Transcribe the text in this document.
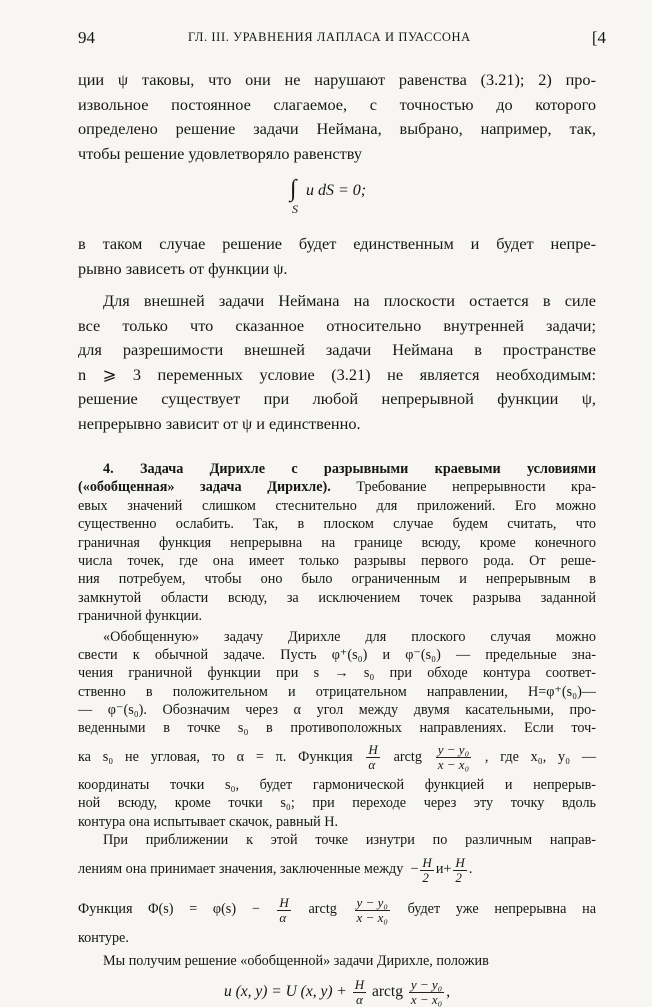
94	ГЛ. III. УРАВНЕНИЯ ЛАПЛАСА И ПУАССОНА	[4
ции ψ таковы, что они не нарушают равенства (3.21); 2) про-
извольное постоянное слагаемое, с точностью до которого
определено решение задачи Неймана, выбрано, например, так,
чтобы решение удовлетворяло равенству
∫
S
u dS = 0;
в таком случае решение будет единственным и будет непре-
рывно зависеть от функции ψ.
Для внешней задачи Неймана на плоскости остается в силе
все только что сказанное относительно внутренней задачи;
для разрешимости внешней задачи Неймана в пространстве
n ⩾ 3 переменных условие (3.21) не является необходимым:
решение существует при любой непрерывной функции ψ,
непрерывно зависит от ψ и единственно.
4. Задача Дирихле с разрывными краевыми условиями
(«обобщенная» задача Дирихле). Требование непрерывности кра-
евых значений слишком стеснительно для приложений. Его можно
существенно ослабить. Так, в плоском случае будем считать, что
граничная функция непрерывна на границе всюду, кроме конечного
числа точек, где она имеет только разрывы первого рода. От реше-
ния потребуем, чтобы оно было ограниченным и непрерывным в
замкнутой области всюду, за исключением точек разрыва заданной
граничной функции.
«Обобщенную» задачу Дирихле для плоского случая можно
свести к обычной задаче. Пусть φ⁺(s₀) и φ⁻(s₀) — предельные зна-
чения граничной функции при s → s₀ при обходе контура соответ-
ственно в положительном и отрицательном направлении, H=φ⁺(s₀)—
— φ⁻(s₀). Обозначим через α угол между двумя касательными, про-
веденными в точке s₀ в противоположных направлениях. Если точ-
ка s₀ не угловая, то α = π. Функция $\frac{H}{\alpha}$ arctg $\frac{\text{y − y₀}}{\text{x − x₀}}$ , где x₀, y₀ —
координаты точки s₀, будет гармонической функцией и непрерыв-
ной всюду, кроме точки s₀; при переходе через эту точку вдоль
контура она испытывает скачок, равный H.
При приближении к этой точке изнутри по различным направ-
лениям она принимает значения, заключенные между − $\frac{H}{2} и+ \frac{H}{2}$ .
Функция $\Phi(s) = \varphi(s) - \frac{H}{\alpha}$ arctg $\frac{\text{y − y₀}}{\text{x − x₀}}$ будет уже непрерывна на
контуре.
Мы получим решение «обобщенной» задачи Дирихле, положив
u (x, y) = U (x, $y) + \frac{H}{\alpha}$ arctg $\frac{\text{y − y₀}}{\text{x − x₀}}$ ,
